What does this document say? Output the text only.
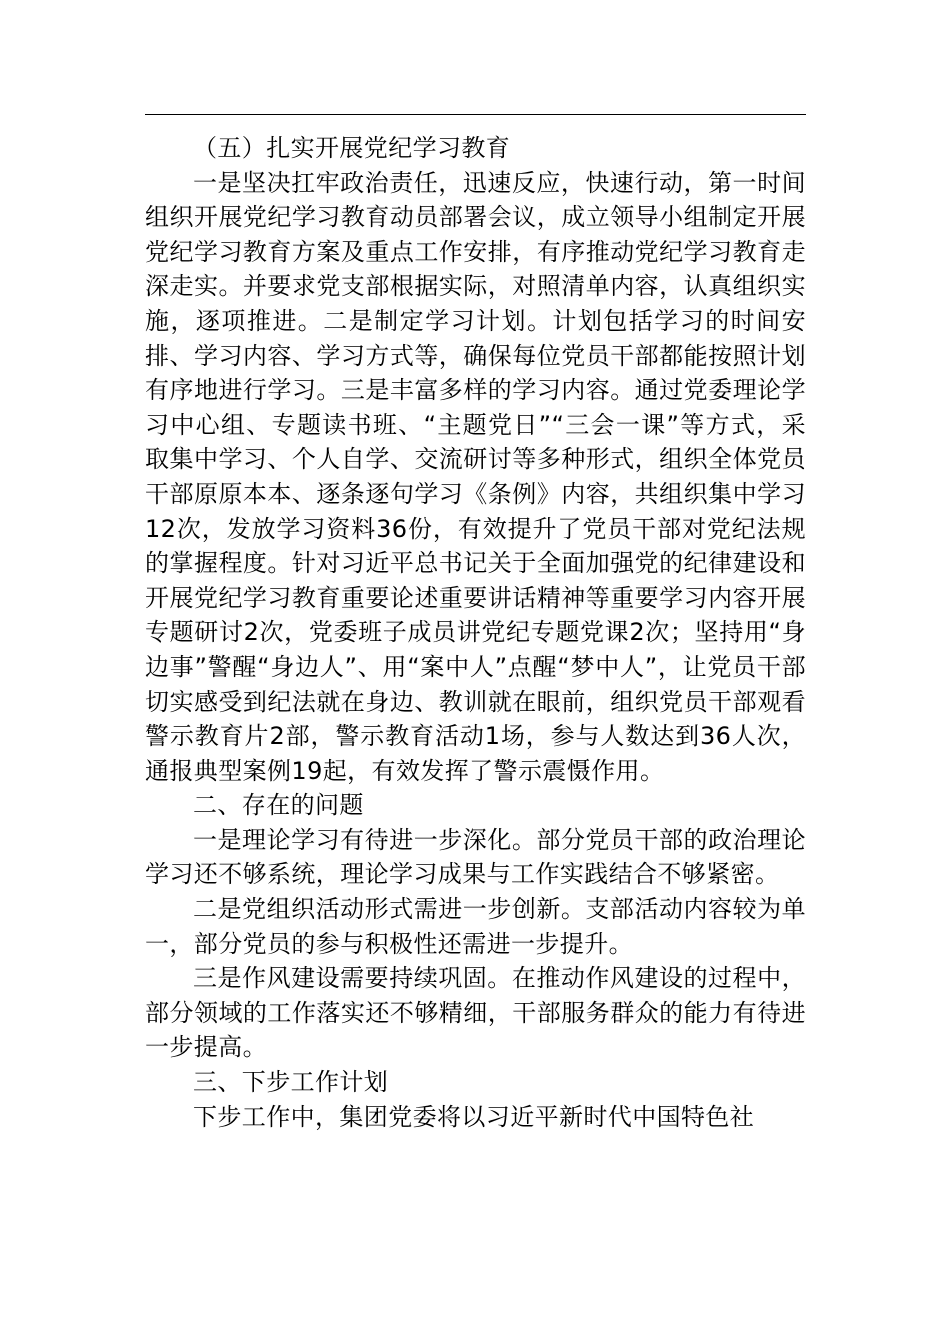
（五）扎实开展党纪学习教育

一是坚决扛牢政治责任，迅速反应，快速行动，第一时间组织开展党纪学习教育动员部署会议，成立领导小组制定开展党纪学习教育方案及重点工作安排，有序推动党纪学习教育走深走实。并要求党支部根据实际，对照清单内容，认真组织实施，逐项推进。二是制定学习计划。计划包括学习的时间安排、学习内容、学习方式等，确保每位党员干部都能按照计划有序地进行学习。三是丰富多样的学习内容。通过党委理论学习中心组、专题读书班、“主题党日”“三会一课”等方式，采取集中学习、个人自学、交流研讨等多种形式，组织全体党员干部原原本本、逐条逐句学习《条例》内容，共组织集中学习12次，发放学习资料36份，有效提升了党员干部对党纪法规的掌握程度。针对习近平总书记关于全面加强党的纪律建设和开展党纪学习教育重要论述重要讲话精神等重要学习内容开展专题研讨2次，党委班子成员讲党纪专题党课2次；坚持用“身边事”警醒“身边人”、用“案中人”点醒“梦中人”，让党员干部切实感受到纪法就在身边、教训就在眼前，组织党员干部观看警示教育片2部，警示教育活动1场，参与人数达到36人次，通报典型案例19起，有效发挥了警示震慑作用。

二、存在的问题

一是理论学习有待进一步深化。部分党员干部的政治理论学习还不够系统，理论学习成果与工作实践结合不够紧密。

二是党组织活动形式需进一步创新。支部活动内容较为单一，部分党员的参与积极性还需进一步提升。

三是作风建设需要持续巩固。在推动作风建设的过程中，部分领域的工作落实还不够精细，干部服务群众的能力有待进一步提高。

三、下步工作计划

下步工作中，集团党委将以习近平新时代中国特色社
